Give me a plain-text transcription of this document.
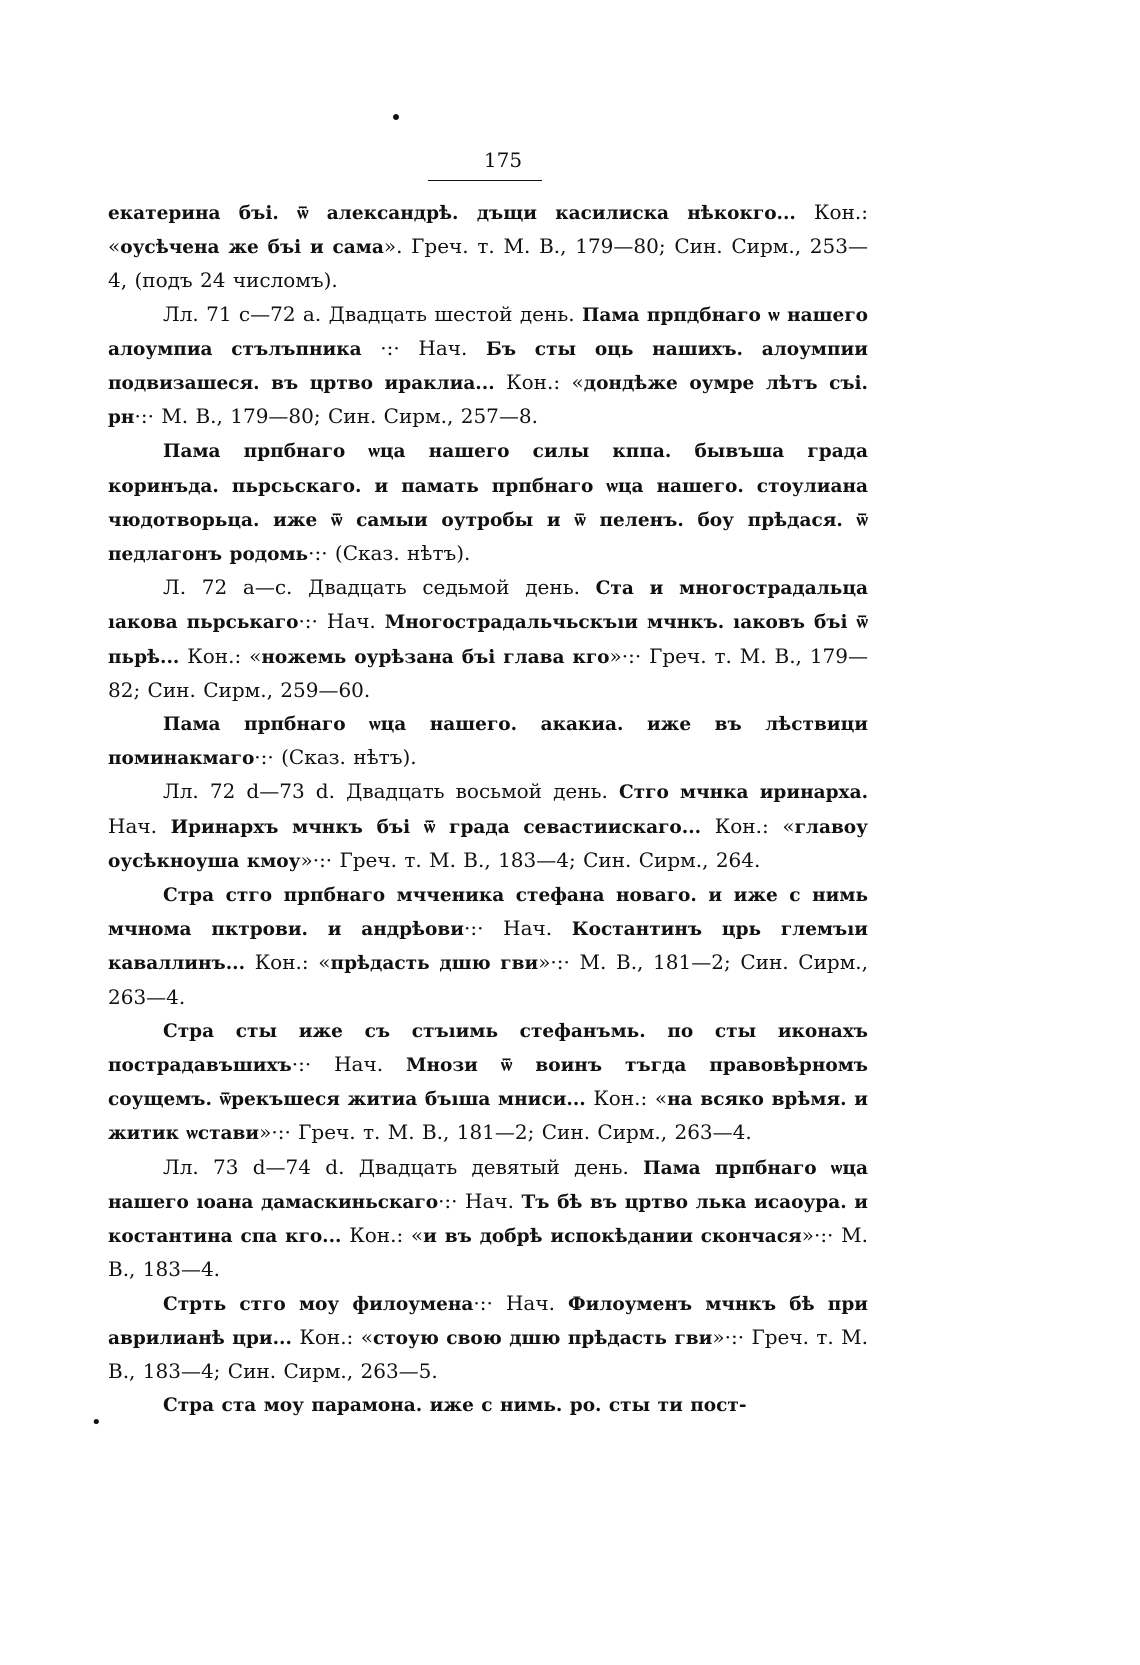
175

екатерина бъі. ѿ александрѣ. дъщи касилиска нѣкокго... Кон.: «оусѣчена же бъі и сама». Греч. т. М. В., 179—80; Син. Сирм., 253—4, (подъ 24 числомъ).

Лл. 71 c—72 a. Двадцать шестой день. Пама прпдбнаго ѡ нашего алоумпиа стълъпника ·:· Нач. Бъ сты оць нашихъ. алоумпии подвизашеся. въ цртво ираклиа... Кон.: «дондѣже оумре лѣтъ съі. рн·:· М. В., 179—80; Син. Сирм., 257—8.

Пама прпбнаго ѡца нашего силы кппа. бывъша града коринъда. пьрсьскаго. и памать прпбнаго ѡца нашего. стоулиана чюдотворьца. иже ѿ самыи оутробы и ѿ пеленъ. боу прѣдася. ѿ педлагонъ родомь·:· (Сказ. нѣтъ).

Л. 72 a—c. Двадцать седьмой день. Ста и многострадальца ıакова пьрськаго·:· Нач. Многострадальчьскъıи мчнкъ. ıаковъ бъі ѿ пьрѣ... Кон.: «ножемь оурѣзана бъі глава кго»·:· Греч. т. М. В., 179—82; Син. Сирм., 259—60.

Пама прпбнаго ѡца нашего. акакиа. иже въ лѣствици поминакмаго·:· (Сказ. нѣтъ).

Лл. 72 d—73 d. Двадцать восьмой день. Стго мчнка иринарха. Нач. Иринархъ мчнкъ бъі ѿ града севастиискаго... Кон.: «главоу оусѣкноуша кмоу»·:· Греч. т. М. В., 183—4; Син. Сирм., 264.

Стра стго прпбнаго мчченика стефана новаго. и иже с нимь мчнома пктрови. и андрѣови·:· Нач. Костантинъ црь глемъıи каваллинъ... Кон.: «прѣдасть дшю гви»·:· М. В., 181—2; Син. Сирм., 263—4.

Стра сты иже съ стъıимь стефанъмь. по сты иконахъ пострадавъшихъ·:· Нач. Мнози ѿ воинъ тъгда правовѣрномъ соущемъ. ѿрекъшеся житиа бъıша мниси... Кон.: «на всяко врѣмя. и житик ѡстави»·:· Греч. т. М. В., 181—2; Син. Сирм., 263—4.

Лл. 73 d—74 d. Двадцать девятый день. Пама прпбнаго ѡца нашего ıоана дамаскиньскаго·:· Нач. Тъ бѣ въ цртво лька исаоура. и костантина спа кго... Кон.: «и въ добрѣ испокѣдании скончася»·:· М. В., 183—4.

Стрть стго моу филоумена·:· Нач. Филоуменъ мчнкъ бѣ при аврилианѣ цри... Кон.: «стоую свою дшю прѣдасть гви»·:· Греч. т. М. В., 183—4; Син. Сирм., 263—5.

Стра ста моу парамона. иже с нимь. ро. сты ти пост-

•
